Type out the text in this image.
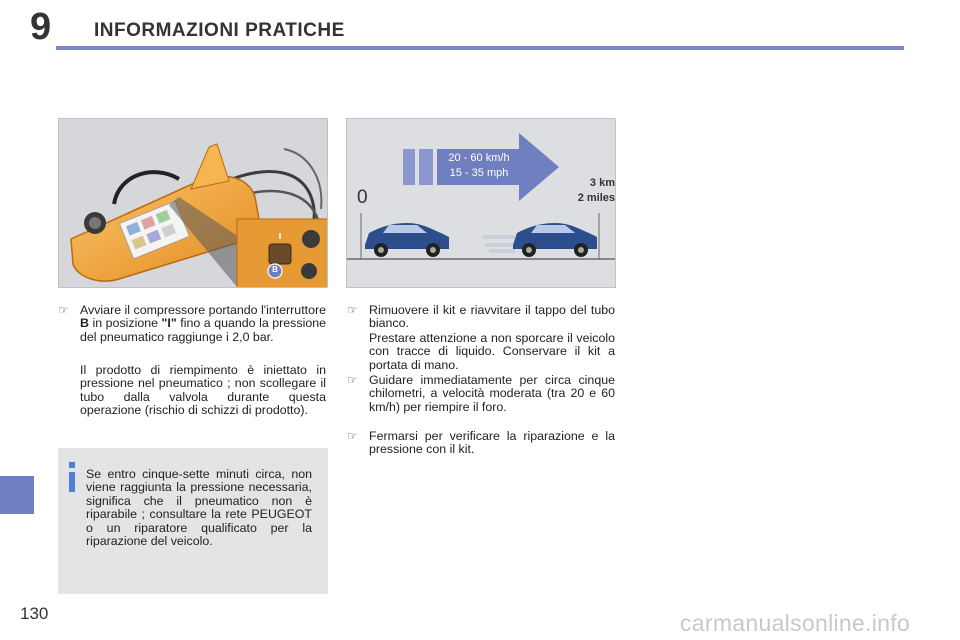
9 INFORMAZIONI PRATICHE
B
20 - 60 km/h
15 - 35 mph
0
3 km
2 miles
☞ Avviare il compressore portando l'interruttore B in posizione "I" fino a quando la pressione del pneumatico raggiunge i 2,0 bar.
Il prodotto di riempimento è iniettato in pressione nel pneumatico ; non scollegare il tubo dalla valvola durante questa operazione (rischio di schizzi di prodotto).
Se entro cinque-sette minuti circa, non viene raggiunta la pressione necessaria, significa che il pneumatico non è riparabile ; consultare la rete PEUGEOT o un riparatore qualificato per la riparazione del veicolo.
☞ Rimuovere il kit e riavvitare il tappo del tubo bianco.
Prestare attenzione a non sporcare il veicolo con tracce di liquido. Conservare il kit a portata di mano.
☞ Guidare immediatamente per circa cinque chilometri, a velocità moderata (tra 20 e 60 km/h) per riempire il foro.
☞ Fermarsi per verificare la riparazione e la pressione con il kit.
130	carmanualsonline.info
